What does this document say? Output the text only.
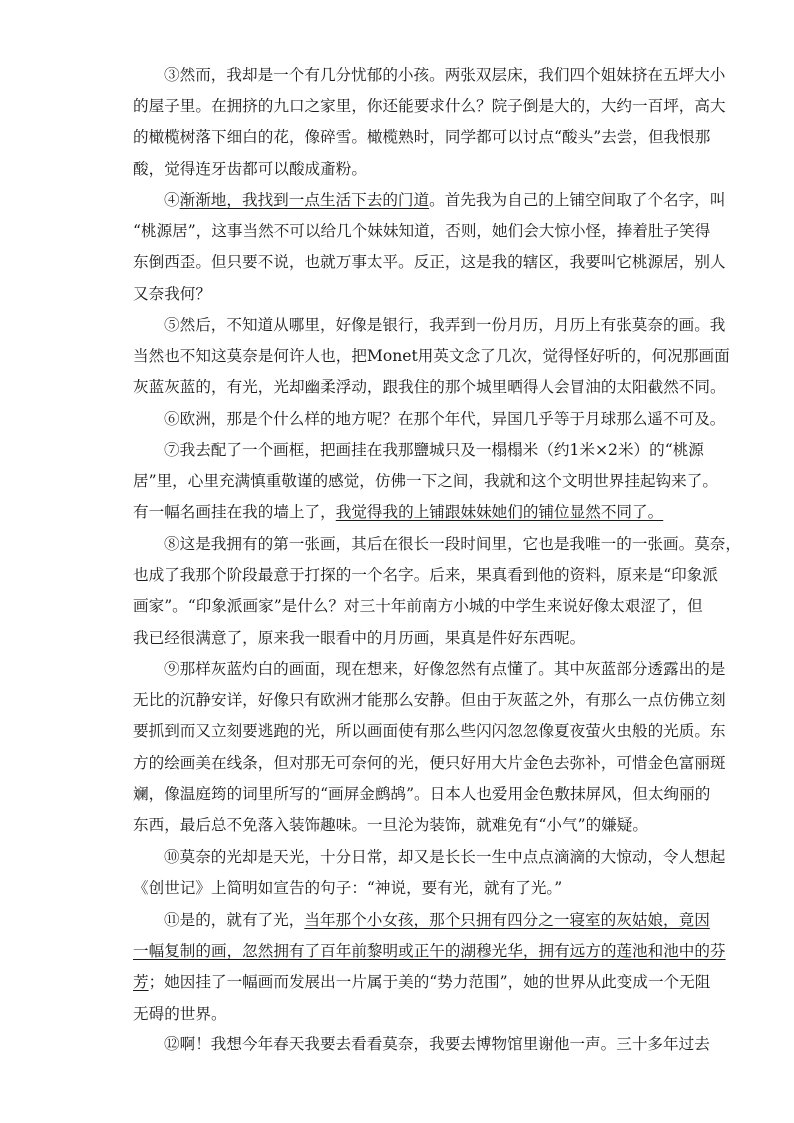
③然而，我却是一个有几分忧郁的小孩。两张双层床，我们四个姐妹挤在五坪大小
的屋子里。在拥挤的九口之家里，你还能要求什么？院子倒是大的，大约一百坪，高大
的橄榄树落下细白的花，像碎雪。橄榄熟时，同学都可以讨点“酸头”去尝，但我恨那
酸，觉得连牙齿都可以酸成齑粉。
④渐渐地，我找到一点生活下去的门道。首先我为自己的上铺空间取了个名字，叫
“桃源居”，这事当然不可以给几个妹妹知道，否则，她们会大惊小怪，捧着肚子笑得
东倒西歪。但只要不说，也就万事太平。反正，这是我的辖区，我要叫它桃源居，别人
又奈我何？
⑤然后，不知道从哪里，好像是银行，我弄到一份月历，月历上有张莫奈的画。我
当然也不知这莫奈是何许人也，把Monet用英文念了几次，觉得怪好听的，何况那画面
灰蓝灰蓝的，有光，光却幽柔浮动，跟我住的那个城里晒得人会冒油的太阳截然不同。
⑥欧洲，那是个什么样的地方呢？在那个年代，异国几乎等于月球那么遥不可及。
⑦我去配了一个画框，把画挂在我那鹽城只及一榻榻米（约1米×2米）的“桃源
居”里，心里充满慎重敬谨的感觉，仿佛一下之间，我就和这个文明世界挂起钩来了。
有一幅名画挂在我的墙上了，我觉得我的上铺跟妹妹她们的铺位显然不同了。
⑧这是我拥有的第一张画，其后在很长一段时间里，它也是我唯一的一张画。莫奈，
也成了我那个阶段最意于打探的一个名字。后来，果真看到他的资料，原来是“印象派
画家”。“印象派画家”是什么？对三十年前南方小城的中学生来说好像太艰涩了，但
我已经很满意了，原来我一眼看中的月历画，果真是件好东西呢。
⑨那样灰蓝灼白的画面，现在想来，好像忽然有点懂了。其中灰蓝部分透露出的是
无比的沉静安详，好像只有欧洲才能那么安静。但由于灰蓝之外，有那么一点仿佛立刻
要抓到而又立刻要逃跑的光，所以画面使有那么些闪闪忽忽像夏夜萤火虫般的光质。东
方的绘画美在线条，但对那无可奈何的光，便只好用大片金色去弥补，可惜金色富丽斑
斓，像温庭筠的词里所写的“画屏金鹧鸪”。日本人也爱用金色敷抹屏风，但太绚丽的
东西，最后总不免落入装饰趣味。一旦沦为装饰，就难免有“小气”的嫌疑。
⑩莫奈的光却是天光，十分日常，却又是长长一生中点点滴滴的大惊动，令人想起
《创世记》上简明如宣告的句子：“神说，要有光，就有了光。”
⑪是的，就有了光，当年那个小女孩，那个只拥有四分之一寝室的灰姑娘，竟因
一幅复制的画，忽然拥有了百年前黎明或正午的湖穆光华，拥有远方的莲池和池中的芬
芳；她因挂了一幅画而发展出一片属于美的“势力范围”，她的世界从此变成一个无阻
无碍的世界。
⑫啊！我想今年春天我要去看看莫奈，我要去博物馆里谢他一声。三十多年过去
